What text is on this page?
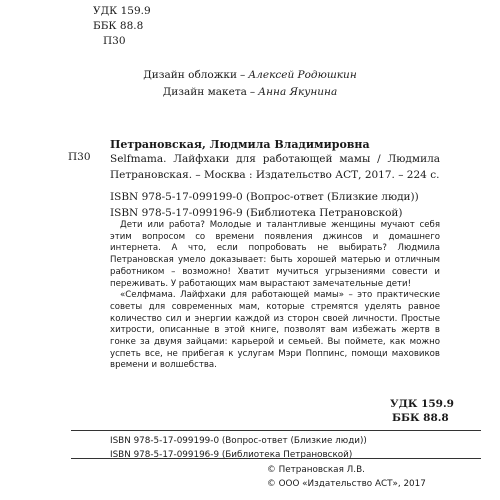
УДК 159.9
ББК 88.8
П30
Дизайн обложки – Алексей Родюшкин
Дизайн макета – Анна Якунина
Петрановская, Людмила Владимировна
П30 Selfmama. Лайфхаки для работающей мамы / Людмила Петрановская. – Москва : Издательство АСТ, 2017. – 224 с.
ISBN 978-5-17-099199-0 (Вопрос-ответ (Близкие люди))
ISBN 978-5-17-099196-9 (Библиотека Петрановской)

Дети или работа? Молодые и талантливые женщины мучают себя этим вопросом со времени появления джинсов и домашнего интернета. А что, если попробовать не выбирать? Людмила Петрановская умело доказывает: быть хорошей матерью и отличным работником – возможно! Хватит мучиться угрызениями совести и переживать. У работающих мам вырастают замечательные дети!

«Селфмама. Лайфхаки для работающей мамы» – это практические советы для современных мам, которые стремятся уделять равное количество сил и энергии каждой из сторон своей личности. Простые хитрости, описанные в этой книге, позволят вам избежать жертв в гонке за двумя зайцами: карьерой и семьей. Вы поймете, как можно успеть все, не прибегая к услугам Мэри Поппинс, помощи маховиков времени и волшебства.

УДК 159.9
ББК 88.8
ISBN 978-5-17-099199-0 (Вопрос-ответ (Близкие люди))
ISBN 978-5-17-099196-9 (Библиотека Петрановской)
© Петрановская Л.В.
© ООО «Издательство АСТ», 2017
